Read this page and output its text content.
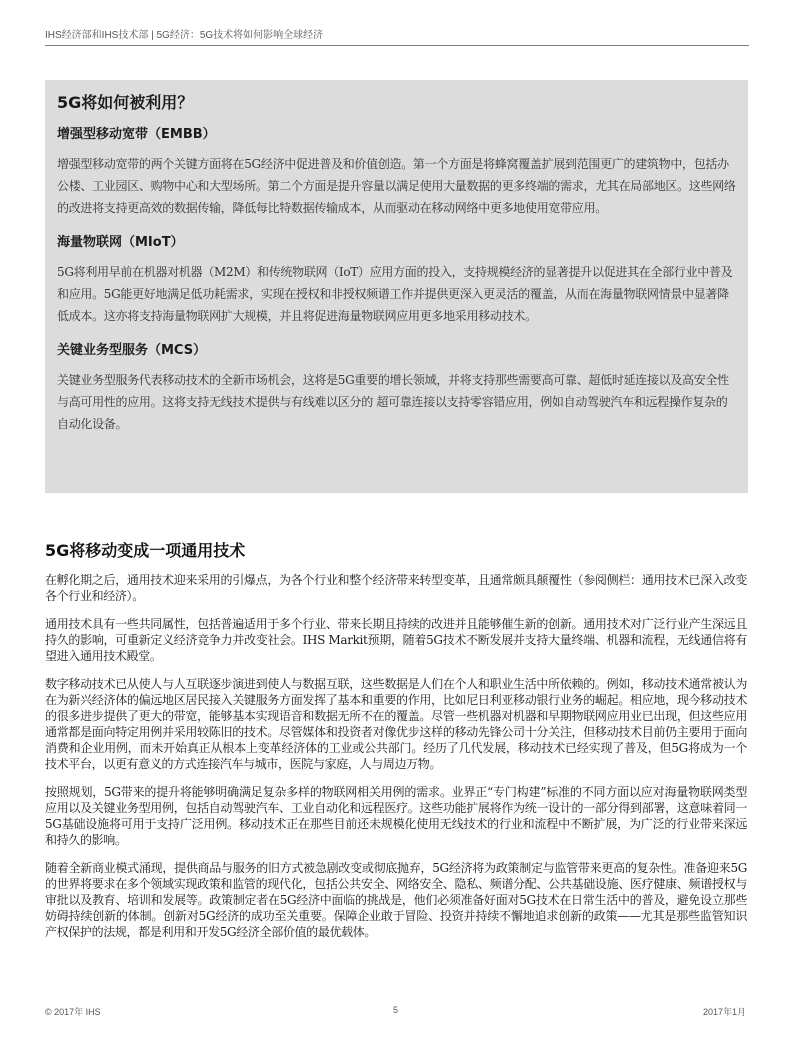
IHS经济部和IHS技术部 | 5G经济：5G技术将如何影响全球经济
5G将如何被利用？
增强型移动宽带（EMBB）

增强型移动宽带的两个关键方面将在5G经济中促进普及和价值创造。第一个方面是将蜂窝覆盖扩展到范围更广的建筑物中，包括办公楼、工业园区、购物中心和大型场所。第二个方面是提升容量以满足使用大量数据的更多终端的需求，尤其在局部地区。这些网络的改进将支持更高效的数据传输，降低每比特数据传输成本，从而驱动在移动网络中更多地使用宽带应用。

海量物联网（MIoT）

5G将利用早前在机器对机器（M2M）和传统物联网（IoT）应用方面的投入，支持规模经济的显著提升以促进其在全部行业中普及和应用。5G能更好地满足低功耗需求，实现在授权和非授权频谱工作并提供更深入更灵活的覆盖，从而在海量物联网情景中显著降低成本。这亦将支持海量物联网扩大规模，并且将促进海量物联网应用更多地采用移动技术。

关键业务型服务（MCS）

关键业务型服务代表移动技术的全新市场机会，这将是5G重要的增长领域，并将支持那些需要高可靠、超低时延连接以及高安全性与高可用性的应用。这将支持无线技术提供与有线难以区分的 超可靠连接以支持零容错应用，例如自动驾驶汽车和远程操作复杂的自动化设备。

5G将移动变成一项通用技术

在孵化期之后，通用技术迎来采用的引爆点，为各个行业和整个经济带来转型变革，且通常颇具颠覆性（参阅侧栏：通用技术已深入改变各个行业和经济）。

通用技术具有一些共同属性，包括普遍适用于多个行业、带来长期且持续的改进并且能够催生新的创新。通用技术对广泛行业产生深远且持久的影响，可重新定义经济竞争力并改变社会。IHS Markit预期，随着5G技术不断发展并支持大量终端、机器和流程，无线通信将有望进入通用技术殿堂。

数字移动技术已从使人与人互联逐步演进到使人与数据互联，这些数据是人们在个人和职业生活中所依赖的。例如，移动技术通常被认为在为新兴经济体的偏远地区居民接入关键服务方面发挥了基本和重要的作用，比如尼日利亚移动银行业务的崛起。相应地，现今移动技术的很多进步提供了更大的带宽，能够基本实现语音和数据无所不在的覆盖。尽管一些机器对机器和早期物联网应用业已出现，但这些应用通常都是面向特定用例并采用较陈旧的技术。尽管媒体和投资者对像优步这样的移动先锋公司十分关注，但移动技术目前仍主要用于面向消费和企业用例，而未开始真正从根本上变革经济体的工业或公共部门。经历了几代发展，移动技术已经实现了普及，但5G将成为一个技术平台，以更有意义的方式连接汽车与城市，医院与家庭，人与周边万物。

按照规划，5G带来的提升将能够明确满足复杂多样的物联网相关用例的需求。业界正“专门构建”标准的不同方面以应对海量物联网类型应用以及关键业务型用例，包括自动驾驶汽车、工业自动化和远程医疗。这些功能扩展将作为统一设计的一部分得到部署，这意味着同一5G基础设施将可用于支持广泛用例。移动技术正在那些目前还未规模化使用无线技术的行业和流程中不断扩展，为广泛的行业带来深远和持久的影响。

随着全新商业模式涌现，提供商品与服务的旧方式被急剧改变或彻底抛弃，5G经济将为政策制定与监管带来更高的复杂性。准备迎来5G的世界将要求在多个领域实现政策和监管的现代化，包括公共安全、网络安全、隐私、频谱分配、公共基础设施、医疗健康、频谱授权与审批以及教育、培训和发展等。政策制定者在5G经济中面临的挑战是，他们必须准备好面对5G技术在日常生活中的普及，避免设立那些妨碍持续创新的体制。创新对5G经济的成功至关重要。保障企业敢于冒险、投资并持续不懈地追求创新的政策——尤其是那些监管知识产权保护的法规，都是利用和开发5G经济全部价值的最优载体。

© 2017年 IHS	5	2017年1月
